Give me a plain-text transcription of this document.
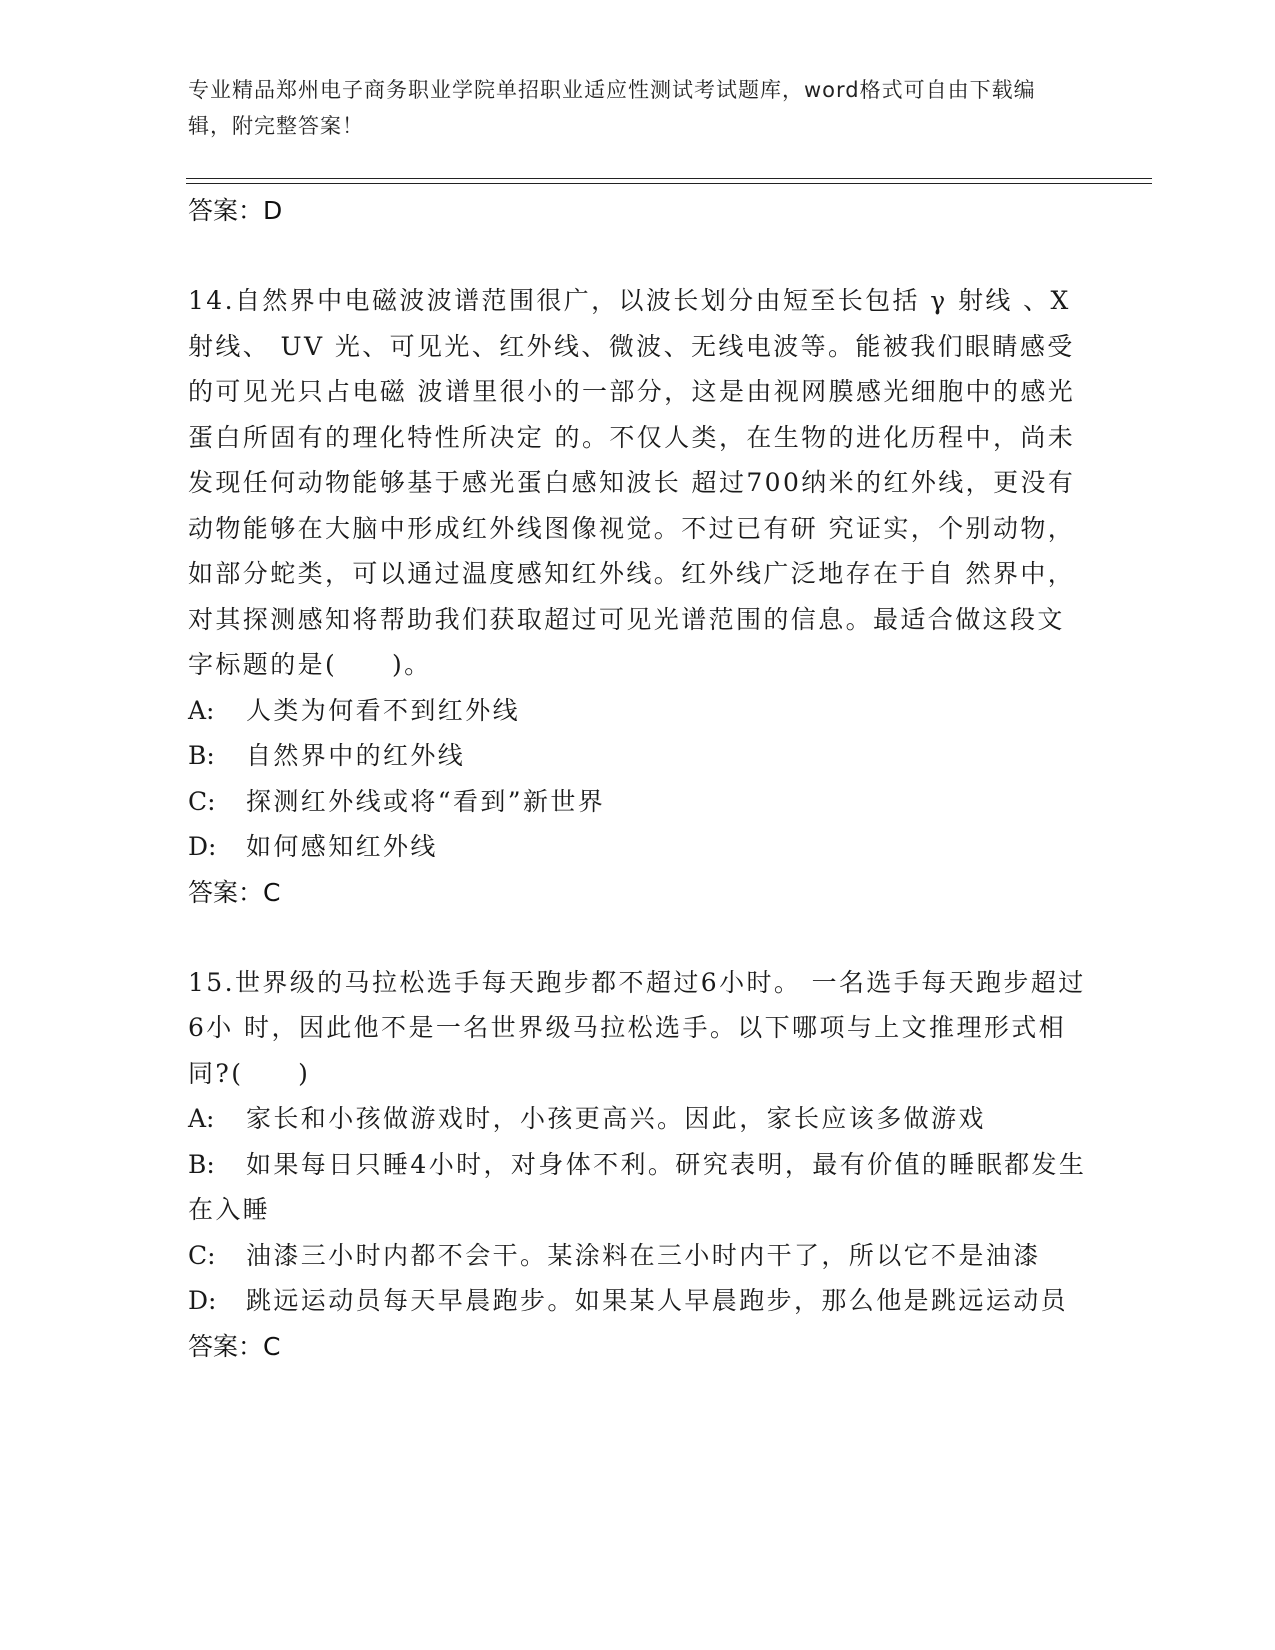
专业精品郑州电子商务职业学院单招职业适应性测试考试题库，word格式可自由下载编辑，附完整答案！
答案：D

14.自然界中电磁波波谱范围很广，以波长划分由短至长包括 γ 射线 、X 射线、 UV 光、可见光、红外线、微波、无线电波等。能被我们眼睛感受的可见光只占电磁 波谱里很小的一部分，这是由视网膜感光细胞中的感光蛋白所固有的理化特性所决定 的。不仅人类，在生物的进化历程中，尚未发现任何动物能够基于感光蛋白感知波长 超过700纳米的红外线，更没有动物能够在大脑中形成红外线图像视觉。不过已有研 究证实，个别动物，如部分蛇类，可以通过温度感知红外线。红外线广泛地存在于自 然界中，对其探测感知将帮助我们获取超过可见光谱范围的信息。最适合做这段文字标题的是(　　)。

A: 人类为何看不到红外线
B: 自然界中的红外线
C: 探测红外线或将“看到”新世界
D: 如何感知红外线
答案：C

15.世界级的马拉松选手每天跑步都不超过6小时。 一名选手每天跑步超过6小 时，因此他不是一名世界级马拉松选手。以下哪项与上文推理形式相同?(　　)

A: 家长和小孩做游戏时，小孩更高兴。因此，家长应该多做游戏
B: 如果每日只睡4小时，对身体不利。研究表明，最有价值的睡眠都发生在入睡
C: 油漆三小时内都不会干。某涂料在三小时内干了，所以它不是油漆
D: 跳远运动员每天早晨跑步。如果某人早晨跑步，那么他是跳远运动员
答案：C
